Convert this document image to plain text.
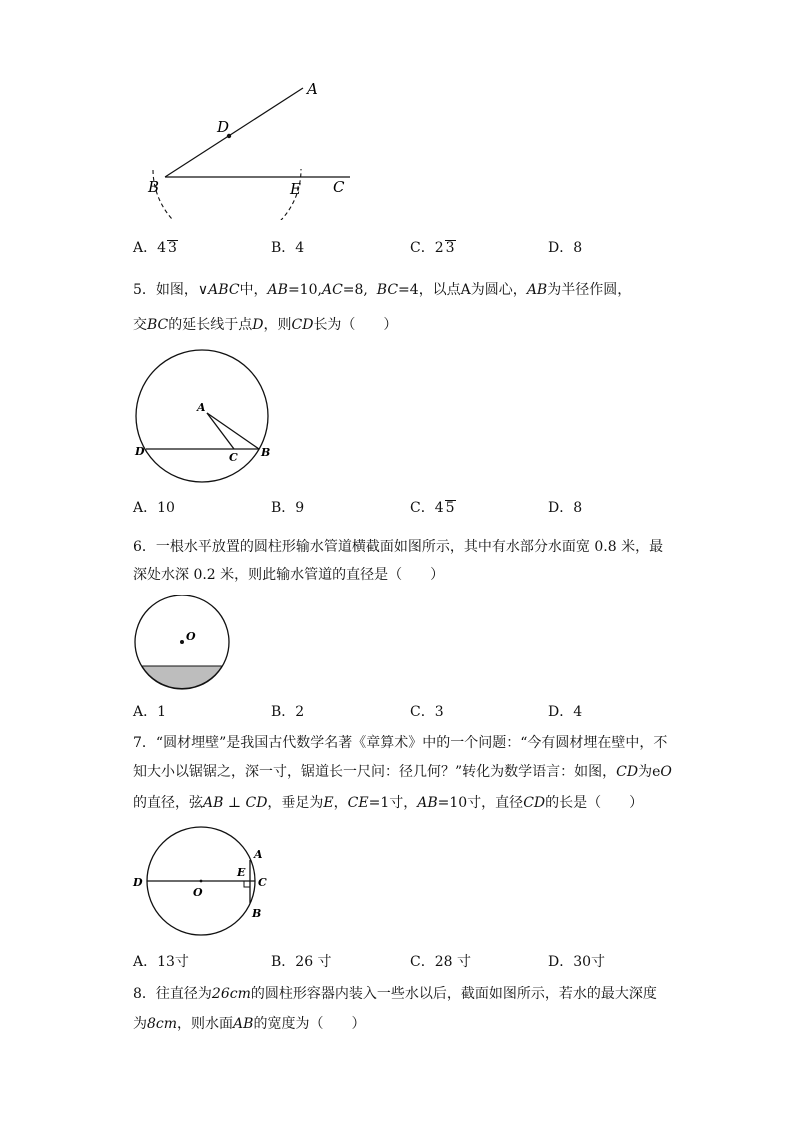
A
D
B	E C
A．4 3	B．4	C．2 3	D．8
5．如图，∨ABC中，AB=10,AC=8, BC=4，以点A为圆心，AB为半径作圆，
交BC的延长线于点D，则CD长为（　　）
A
D	C B
A．10	B．9	C．4 5	D．8
6．一根水平放置的圆柱形输水管道横截面如图所示，其中有水部分水面宽 0.8 米，最
深处水深 0.2 米，则此输水管道的直径是（　　）
O
A．1	B．2	C．3	D．4
7．“圆材埋壁”是我国古代数学名著《章算术》中的一个问题：“今有圆材埋在壁中，不
知大小以锯锯之，深一寸，锯道长一尺问：径几何？”转化为数学语言：如图，CD为eO
的直径，弦AB ⊥ CD，垂足为E，CE=1寸，AB=10寸，直径CD的长是（　　）
D
O
E
A
C
B
A．13寸	B．26 寸	C．28 寸	D．30寸
8．往直径为26cm的圆柱形容器内装入一些水以后，截面如图所示，若水的最大深度
为8cm，则水面AB的宽度为（　　）
